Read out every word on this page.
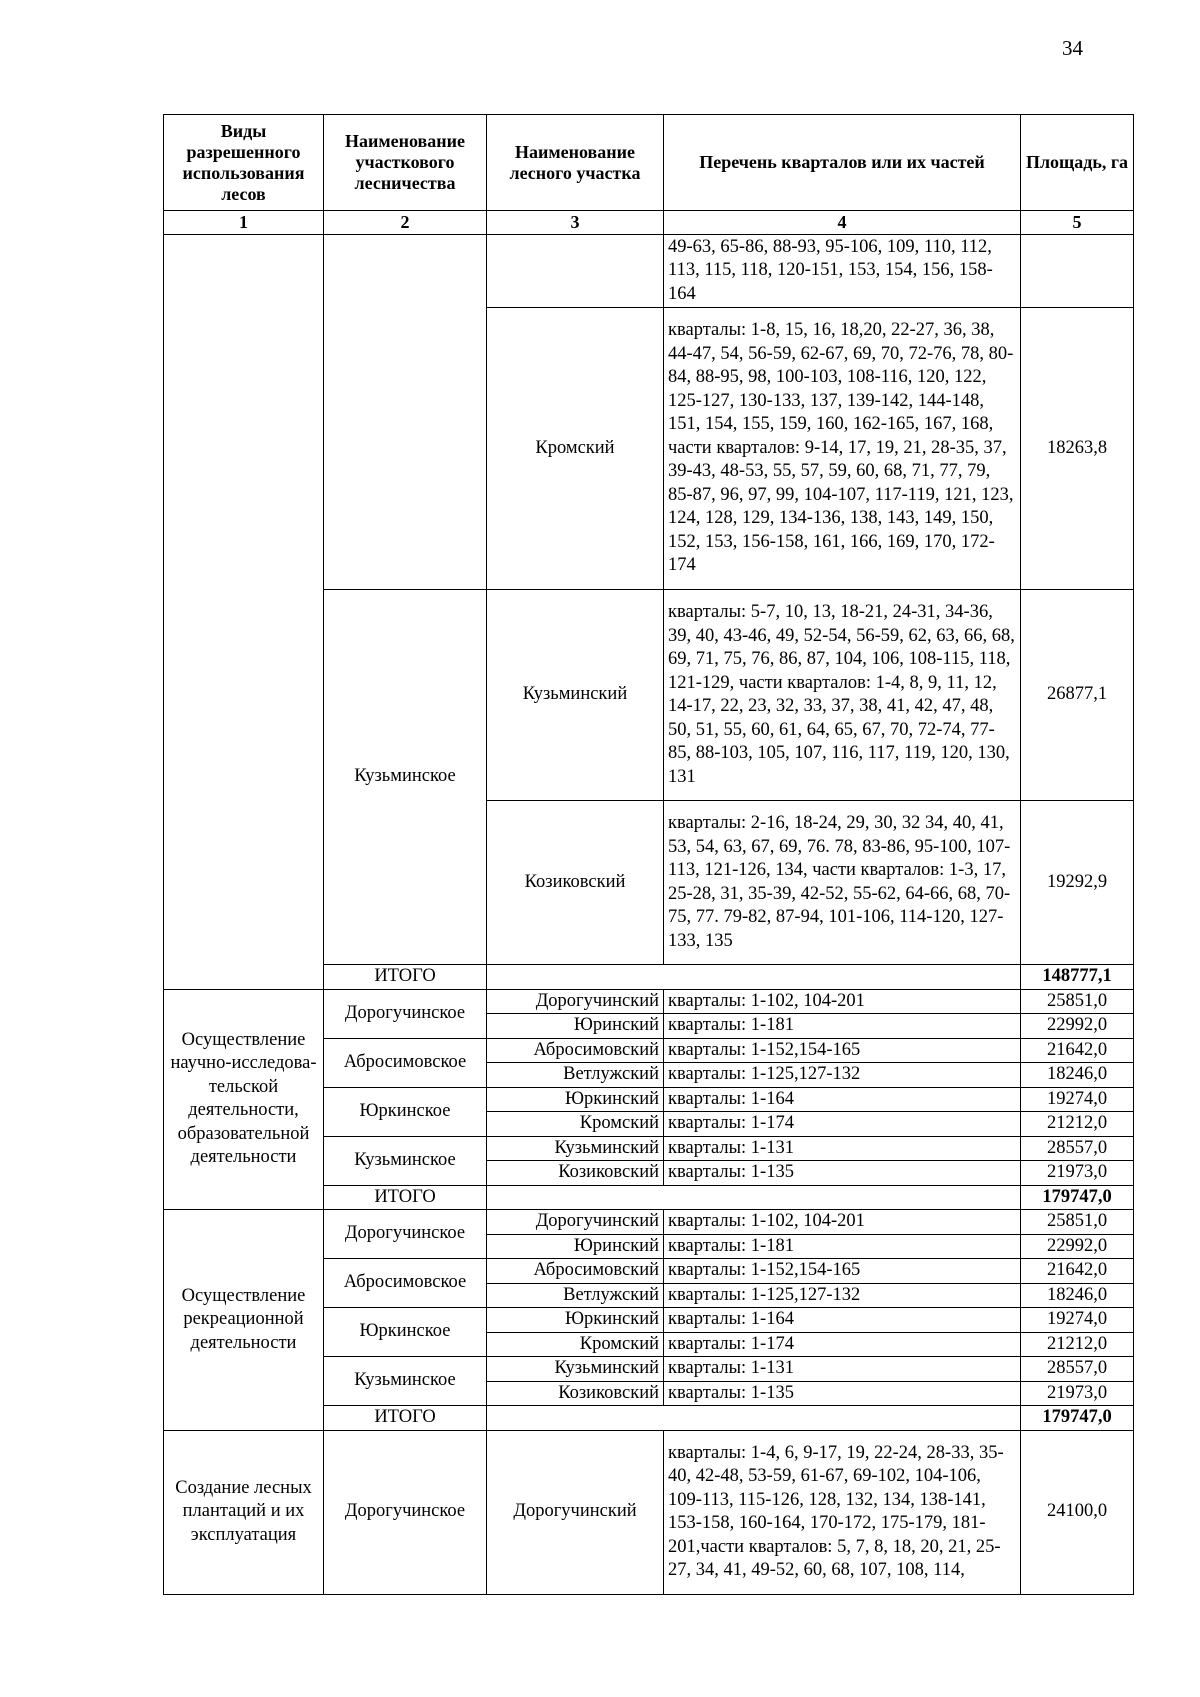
34
Виды разрешенного использования лесов	Наименование участкового лесничества	Наименование лесного участка	Перечень кварталов или их частей	Площадь, га
1	2	3	4	5
			49-63, 65-86, 88-93, 95-106, 109, 110, 112, 113, 115, 118, 120-151, 153, 154, 156, 158-164	
		Кромский	кварталы: 1-8, 15, 16, 18,20, 22-27, 36, 38, 44-47, 54, 56-59, 62-67, 69, 70, 72-76, 78, 80-84, 88-95, 98, 100-103, 108-116, 120, 122, 125-127, 130-133, 137, 139-142, 144-148, 151, 154, 155, 159, 160, 162-165, 167, 168, части кварталов: 9-14, 17, 19, 21, 28-35, 37, 39-43, 48-53, 55, 57, 59, 60, 68, 71, 77, 79, 85-87, 96, 97, 99, 104-107, 117-119, 121, 123, 124, 128, 129, 134-136, 138, 143, 149, 150, 152, 153, 156-158, 161, 166, 169, 170, 172-174	18263,8
	Кузьминское	Кузьминский	кварталы: 5-7, 10, 13, 18-21, 24-31, 34-36, 39, 40, 43-46, 49, 52-54, 56-59, 62, 63, 66, 68, 69, 71, 75, 76, 86, 87, 104, 106, 108-115, 118, 121-129, части кварталов: 1-4, 8, 9, 11, 12, 14-17, 22, 23, 32, 33, 37, 38, 41, 42, 47, 48, 50, 51, 55, 60, 61, 64, 65, 67, 70, 72-74, 77-85, 88-103, 105, 107, 116, 117, 119, 120, 130, 131	26877,1
		Козиковский	кварталы: 2-16, 18-24, 29, 30, 32 34, 40, 41, 53, 54, 63, 67, 69, 76. 78, 83-86, 95-100, 107-113, 121-126, 134, части кварталов: 1-3, 17, 25-28, 31, 35-39, 42-52, 55-62, 64-66, 68, 70-75, 77. 79-82, 87-94, 101-106, 114-120, 127-133, 135	19292,9
	ИТОГО			148777,1
Осуществление научно-исследова-тельской деятельности, образовательной деятельности	Дорогучинское	Дорогучинский	кварталы: 1-102, 104-201	25851,0
		Юринский	кварталы: 1-181	22992,0
	Абросимовское	Абросимовский	кварталы: 1-152,154-165	21642,0
		Ветлужский	кварталы: 1-125,127-132	18246,0
	Юркинское	Юркинский	кварталы: 1-164	19274,0
		Кромский	кварталы: 1-174	21212,0
	Кузьминское	Кузьминский	кварталы: 1-131	28557,0
		Козиковский	кварталы: 1-135	21973,0
	ИТОГО			179747,0
Осуществление рекреационной деятельности	Дорогучинское	Дорогучинский	кварталы: 1-102, 104-201	25851,0
		Юринский	кварталы: 1-181	22992,0
	Абросимовское	Абросимовский	кварталы: 1-152,154-165	21642,0
		Ветлужский	кварталы: 1-125,127-132	18246,0
	Юркинское	Юркинский	кварталы: 1-164	19274,0
		Кромский	кварталы: 1-174	21212,0
	Кузьминское	Кузьминский	кварталы: 1-131	28557,0
		Козиковский	кварталы: 1-135	21973,0
	ИТОГО			179747,0
Создание лесных плантаций и их эксплуатация	Дорогучинское	Дорогучинский	кварталы: 1-4, 6, 9-17, 19, 22-24, 28-33, 35-40, 42-48, 53-59, 61-67, 69-102, 104-106, 109-113, 115-126, 128, 132, 134, 138-141, 153-158, 160-164, 170-172, 175-179, 181-201,части кварталов: 5, 7, 8, 18, 20, 21, 25-27, 34, 41, 49-52, 60, 68, 107, 108, 114,	24100,0
